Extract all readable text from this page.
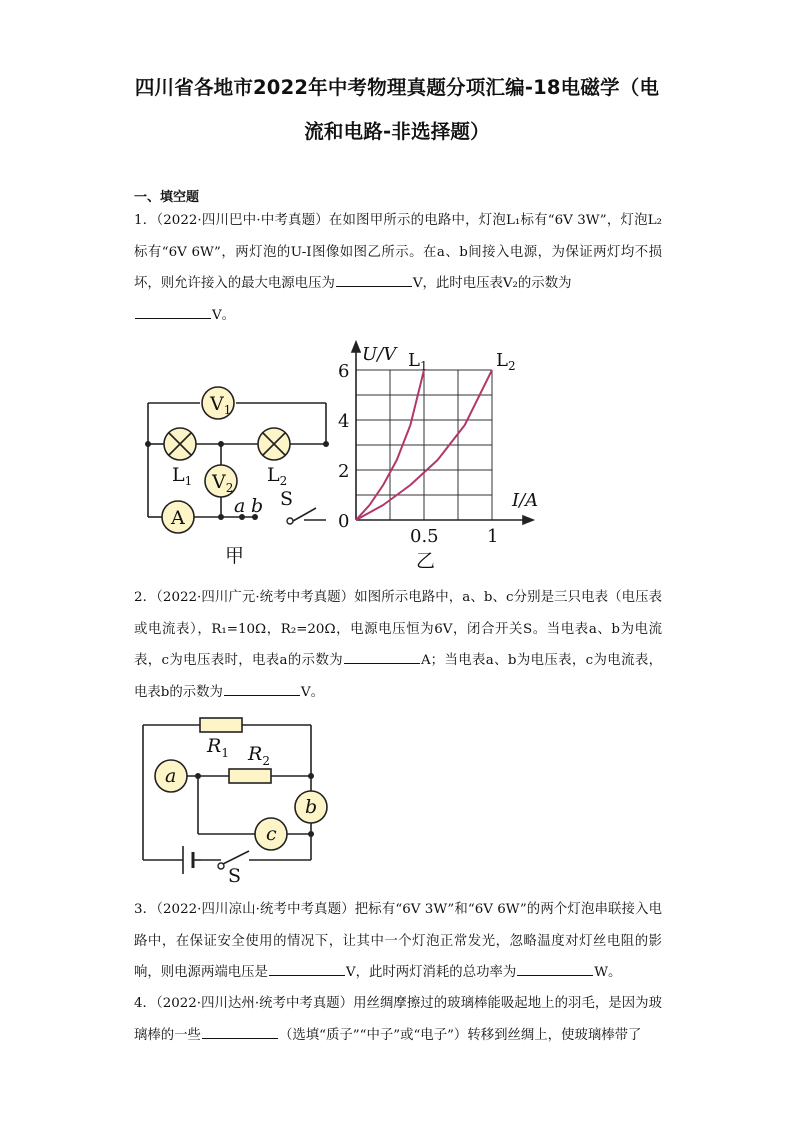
四川省各地市2022年中考物理真题分项汇编-18电磁学（电
流和电路-非选择题）
一、填空题
1．（2022·四川巴中·中考真题）在如图甲所示的电路中，灯泡L₁标有“6V 3W”，灯泡L₂标有“6V 6W”，两灯泡的U-I图像如图乙所示。在a、b间接入电源，为保证两灯均不损坏，则允许接入的最大电源电压为	V，此时电压表V₂的示数为
V。
$V_1$
$V_2$
$L_1$	$L_2$
A
a b S
甲
U/V
I/A
0
乙
2
4
6
0.5	1
$L_1$	$L_2$
2．（2022·四川广元·统考中考真题）如图所示电路中，a、b、c分别是三只电表（电压表或电流表），R₁=10Ω，R₂=20Ω，电源电压恒为6V，闭合开关S。当电表a、b为电流表，c为电压表时，电表a的示数为	A；当电表a、b为电压表，c为电流表，电表b的示数为	V。
$R_1$ $R_2$
a
b
c
S
3．（2022·四川凉山·统考中考真题）把标有“6V 3W”和“6V 6W”的两个灯泡串联接入电路中，在保证安全使用的情况下，让其中一个灯泡正常发光，忽略温度对灯丝电阻的影响，则电源两端电压是	V，此时两灯消耗的总功率为	W。
4．（2022·四川达州·统考中考真题）用丝绸摩擦过的玻璃棒能吸起地上的羽毛，是因为玻璃棒的一些	（选填“质子”“中子”或“电子”）转移到丝绸上，使玻璃棒带了
